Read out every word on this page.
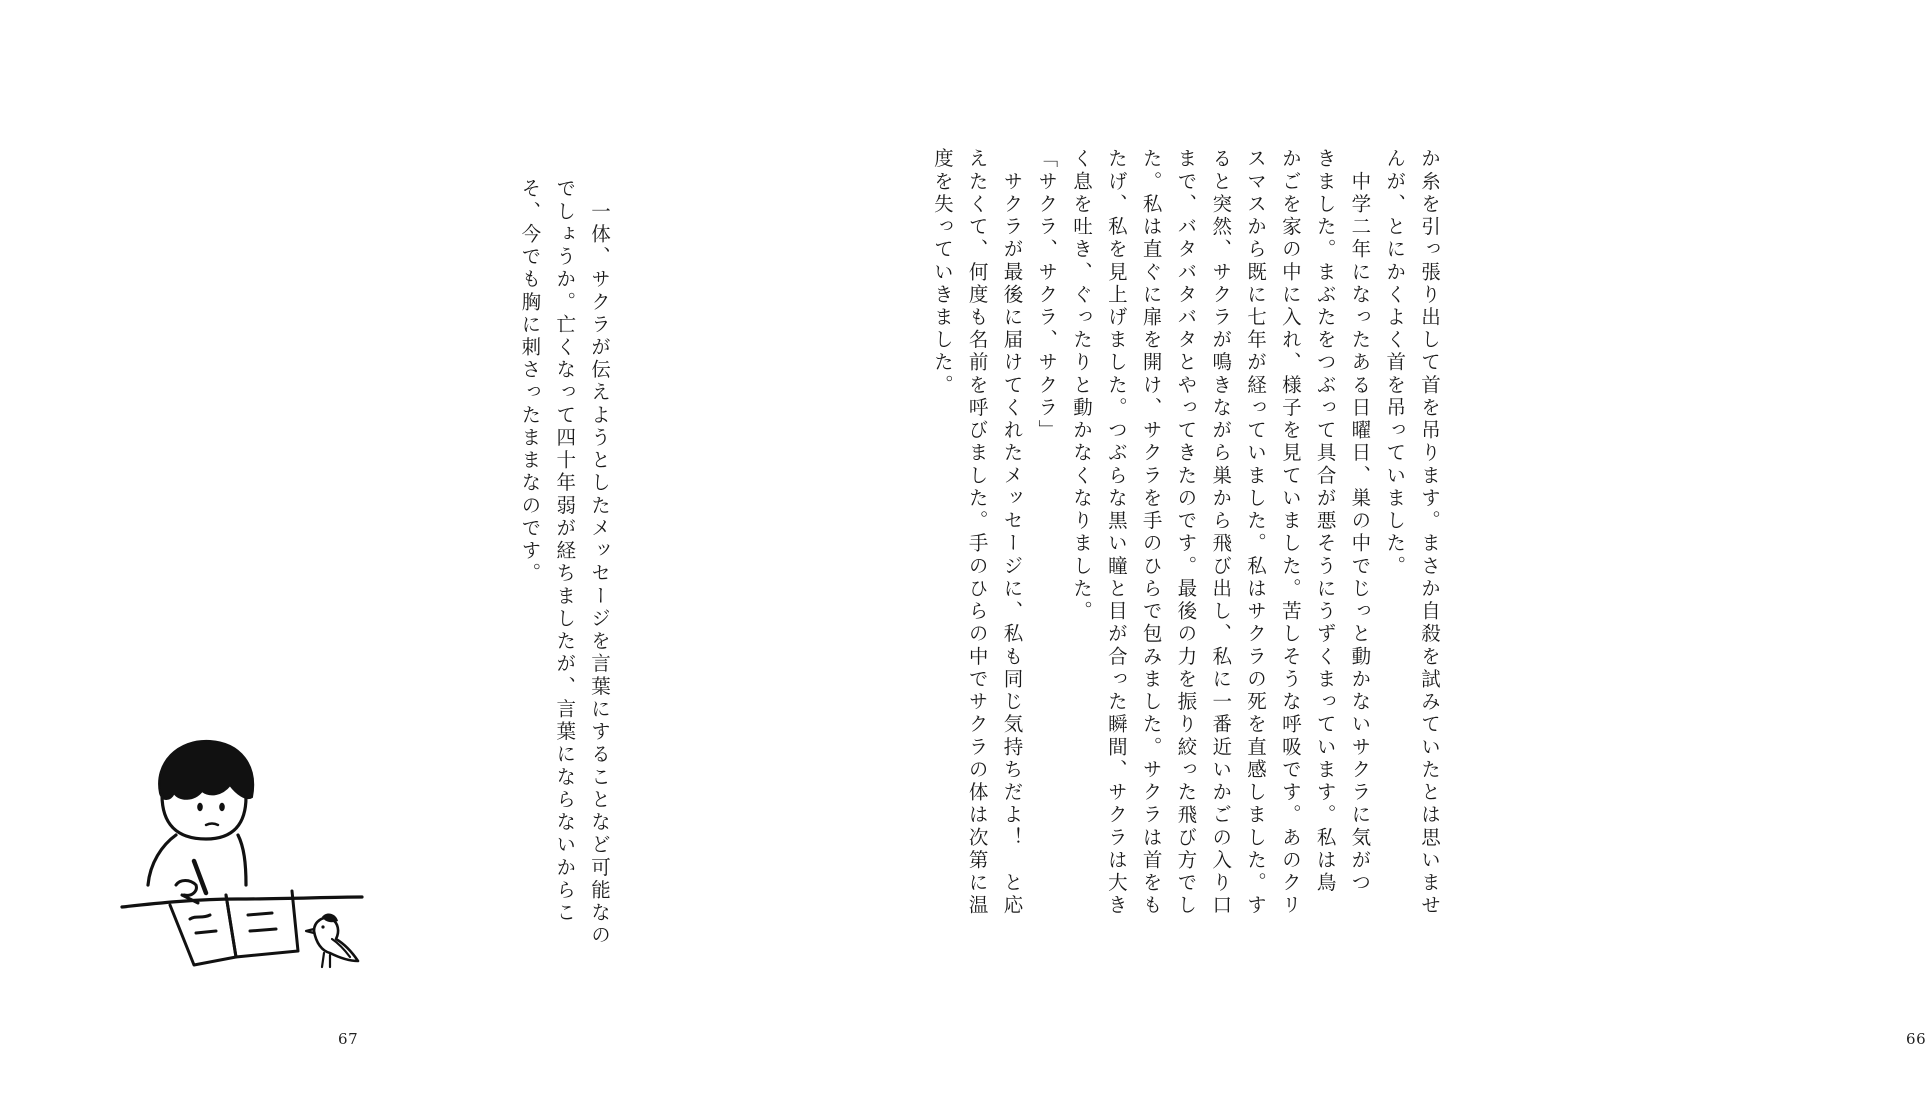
　一体、サクラが伝えようとしたメッセージを言葉にすることなど可能なの
でしょうか。亡くなって四十年弱が経ちましたが、言葉にならないからこ
そ、今でも胸に刺さったままなのです。
67
か糸を引っ張り出して首を吊ります。まさか自殺を試みていたとは思いませ
んが、とにかくよく首を吊っていました。
　中学二年になったある日曜日、巣の中でじっと動かないサクラに気がつ
きました。まぶたをつぶって具合が悪そうにうずくまっています。私は鳥
かごを家の中に入れ、様子を見ていました。苦しそうな呼吸です。あのクリ
スマスから既に七年が経っていました。私はサクラの死を直感しました。す
ると突然、サクラが鳴きながら巣から飛び出し、私に一番近いかごの入り口
まで、バタバタバタとやってきたのです。最後の力を振り絞った飛び方でし
た。私は直ぐに扉を開け、サクラを手のひらで包みました。サクラは首をも
たげ、私を見上げました。つぶらな黒い瞳と目が合った瞬間、サクラは大き
く息を吐き、ぐったりと動かなくなりました。
「サクラ、サクラ、サクラ」
　サクラが最後に届けてくれたメッセージに、私も同じ気持ちだよ！　と応
えたくて、何度も名前を呼びました。手のひらの中でサクラの体は次第に温
度を失っていきました。
66
